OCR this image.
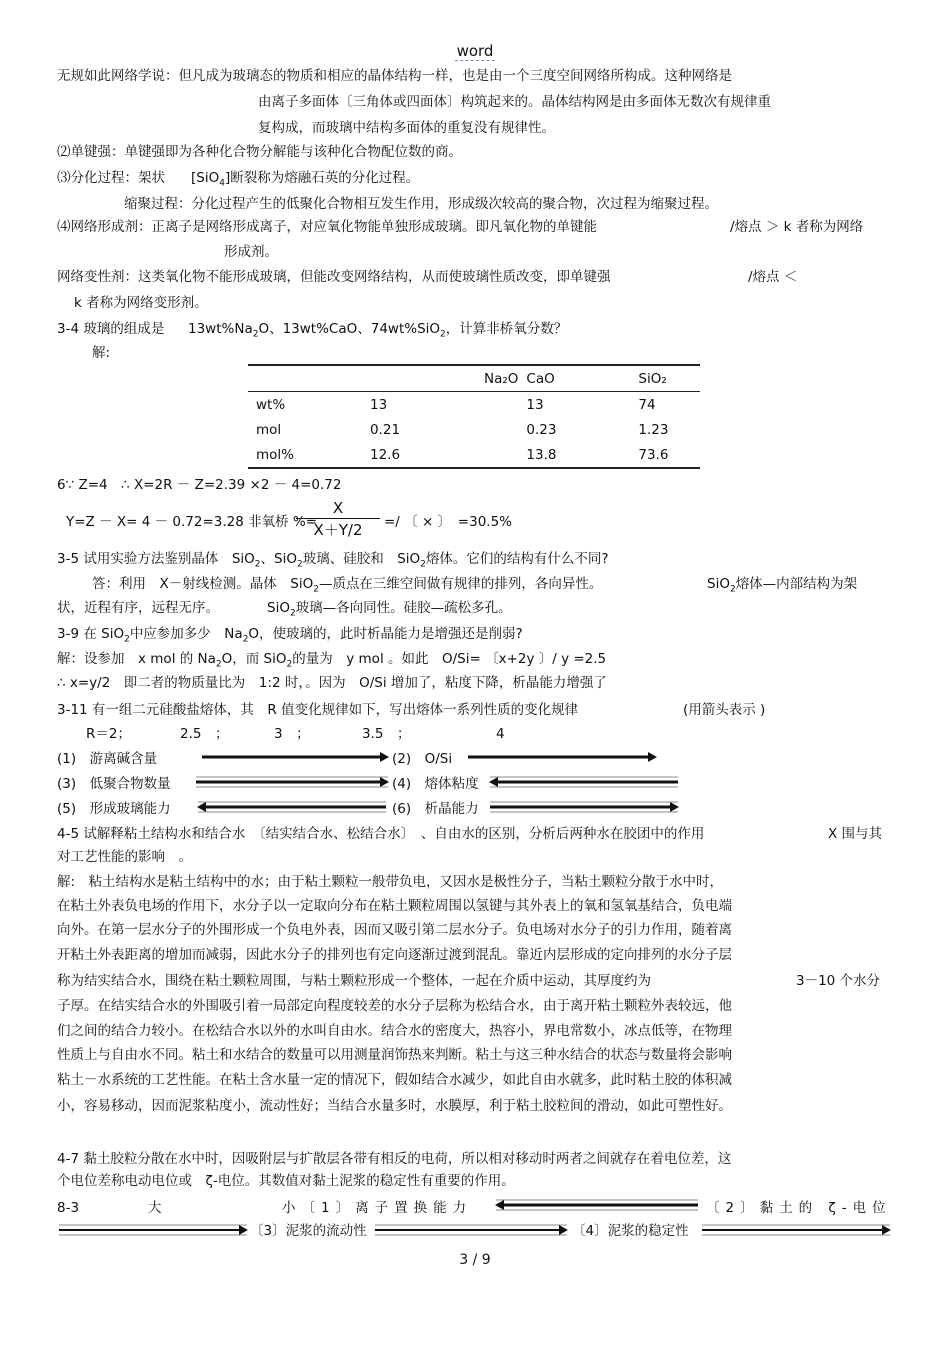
word
无规如此网络学说：但凡成为玻璃态的物质和相应的晶体结构一样，也是由一个三度空间网络所构成。这种网络是
由离子多面体〔三角体或四面体〕构筑起来的。晶体结构网是由多面体无数次有规律重
复构成，而玻璃中结构多面体的重复没有规律性。
⑵单键强：单键强即为各种化合物分解能与该种化合物配位数的商。
⑶分化过程：架状 [SiO$_4$]断裂称为熔融石英的分化过程。
缩聚过程：分化过程产生的低聚化合物相互发生作用，形成级次较高的聚合物，次过程为缩聚过程。
⑷网络形成剂：正离子是网络形成离子，对应氧化物能单独形成玻璃。即凡氧化物的单键能	/熔点 ＞ k 者称为网络
形成剂。
网络变性剂：这类氧化物不能形成玻璃，但能改变网络结构，从而使玻璃性质改变，即单键强	/熔点 ＜
k 者称为网络变形剂。
3-4 玻璃的组成是 $13wt\%Na_2O$、13wt%CaO、74wt%SiO$_2$，计算非桥氧分数？
解:
	Na₂O	CaO	SiO₂
wt%	13	13	74
mol	0.21	0.23	1.23
mol%	12.6	13.8	73.6
6∵ Z=4　∴ X=2R － Z=2.39 ×2 － 4=0.72
Y=Z － X= 4 － 0.72=3.28 非氧桥 %=
$\frac{X}{X+Y/2}$ =/ 〔 × 〕　=30.5%
3-5 试用实验方法鉴别晶体　SiO$_2$、SiO$_2$玻璃、硅胶和　SiO$_2$熔体。它们的结构有什么不同?
答：利用　X－射线检测。晶体　SiO$_2$—质点在三维空间做有规律的排列，各向异性。	SiO$_2$熔体—内部结构为架
状，近程有序，远程无序。	SiO$_2$玻璃—各向同性。硅胶—疏松多孔。
3-9 在 SiO$_2$中应参加多少　$Na_2O$，使玻璃的，此时析晶能力是增强还是削弱?
解：设参加　x mol 的 $Na_2O$，而 SiO$_2$的量为　y mol 。如此　O/Si= 〔x+2y 〕/ y =2.5
∴ x=y/2　即二者的物质量比为　1:2 时，。因为　O/Si 增加了，粘度下降，析晶能力增强了
3-11 有一组二元硅酸盐熔体，其　R 值变化规律如下，写出熔体一系列性质的变化规律	(用箭头表示 )
R＝2；	2.5　；	3　；	3.5　；	4
(1)　游离碱含量	(2)　O/Si
(3)　低聚合物数量	(4)　熔体粘度
(5)　形成玻璃能力	(6)　析晶能力
4-5 试解释粘土结构水和结合水　〔结实结合水、松结合水〕　、自由水的区别，分析后两种水在胶团中的作用	X 围与其
对工艺性能的影响　。
解:　粘土结构水是粘土结构中的水；由于粘土颗粒一般带负电，又因水是极性分子，当粘土颗粒分散于水中时，
在粘土外表负电场的作用下，水分子以一定取向分布在粘土颗粒周围以氢键与其外表上的氧和氢氧基结合，负电端
向外。在第一层水分子的外围形成一个负电外表，因而又吸引第二层水分子。负电场对水分子的引力作用，随着离
开粘土外表距离的增加而减弱，因此水分子的排列也有定向逐渐过渡到混乱。靠近内层形成的定向排列的水分子层
称为结实结合水，围绕在粘土颗粒周围，与粘土颗粒形成一个整体，一起在介质中运动，其厚度约为	3－10 个水分
子厚。在结实结合水的外围吸引着一局部定向程度较差的水分子层称为松结合水，由于离开粘土颗粒外表较远，他
们之间的结合力较小。在松结合水以外的水叫自由水。结合水的密度大，热容小，界电常数小，冰点低等，在物理
性质上与自由水不同。粘土和水结合的数量可以用测量润饰热来判断。粘土与这三种水结合的状态与数量将会影响
粘土－水系统的工艺性能。在粘土含水量一定的情况下，假如结合水减少，如此自由水就多，此时粘土胶的体积减
小，容易移动，因而泥浆粘度小，流动性好；当结合水量多时，水膜厚，利于粘土胶粒间的滑动，如此可塑性好。
4-7 黏土胶粒分散在水中时，因吸附层与扩散层各带有相反的电荷，所以相对移动时两者之间就存在着电位差，这
个电位差称电动电位或　ζ-电位。其数值对黏土泥浆的稳定性有重要的作用。
8-3	大	小〔1〕离子置换能力	〔2〕黏土的 ζ-电位
〔3〕泥浆的流动性	〔4〕泥浆的稳定性
3 / 9
